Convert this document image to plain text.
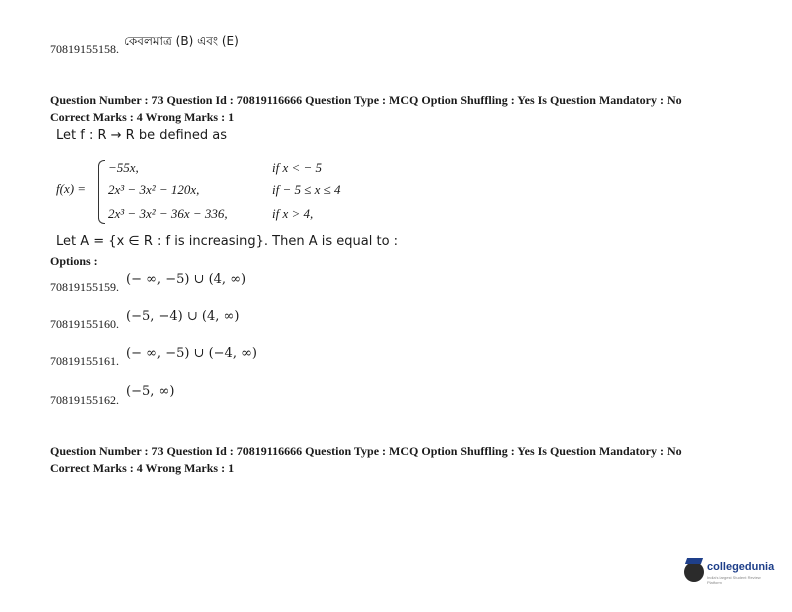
কেবলমাত্র (B) এবং (E)
70819155158.
Question Number : 73 Question Id : 70819116666 Question Type : MCQ Option Shuffling : Yes Is Question Mandatory : No
Correct Marks : 4 Wrong Marks : 1
Let f : R → R be defined as
f(x) =
−55x,	if x < − 5
2x³ − 3x² − 120x,	if − 5 ≤ x ≤ 4
2x³ − 3x² − 36x − 336,	if x > 4,
Let A = {x ∈ R : f is increasing}. Then A is equal to :
Options :
70819155159. (− ∞, −5) ∪ (4, ∞)
70819155160. (−5, −4) ∪ (4, ∞)
70819155161. (− ∞, −5) ∪ (−4, ∞)
70819155162.
(−5, ∞)
Question Number : 73 Question Id : 70819116666 Question Type : MCQ Option Shuffling : Yes Is Question Mandatory : No
Correct Marks : 4 Wrong Marks : 1
collegedunia
India's largest Student Review Platform
